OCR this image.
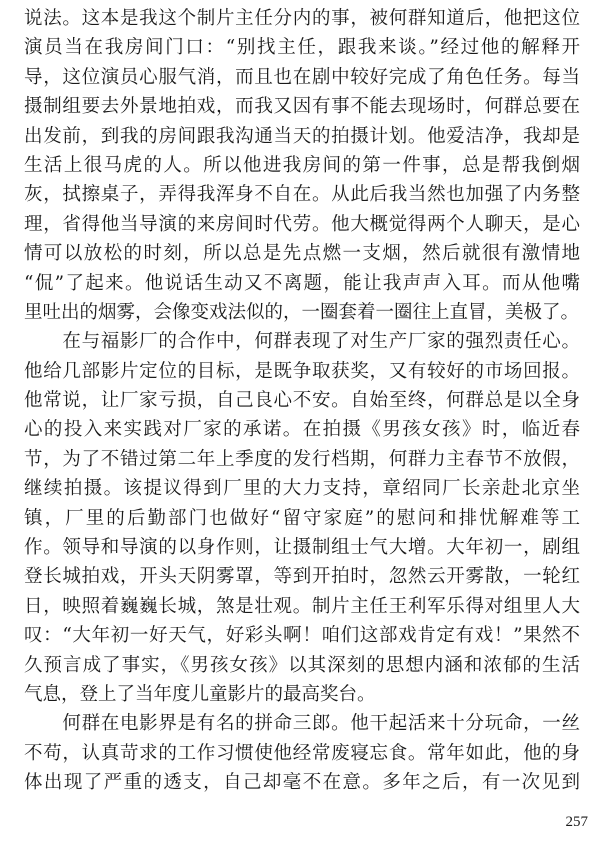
说法。这本是我这个制片主任分内的事，被何群知道后，他把这位
演员当在我房间门口：“别找主任，跟我来谈。”经过他的解释开
导，这位演员心服气消，而且也在剧中较好完成了角色任务。每当
摄制组要去外景地拍戏，而我又因有事不能去现场时，何群总要在
出发前，到我的房间跟我沟通当天的拍摄计划。他爱洁净，我却是
生活上很马虎的人。所以他进我房间的第一件事，总是帮我倒烟
灰，拭擦桌子，弄得我浑身不自在。从此后我当然也加强了内务整
理，省得他当导演的来房间时代劳。他大概觉得两个人聊天，是心
情可以放松的时刻，所以总是先点燃一支烟，然后就很有激情地
“侃”了起来。他说话生动又不离题，能让我声声入耳。而从他嘴
里吐出的烟雾，会像变戏法似的，一圈套着一圈往上直冒，美极了。
　　在与福影厂的合作中，何群表现了对生产厂家的强烈责任心。
他给几部影片定位的目标，是既争取获奖，又有较好的市场回报。
他常说，让厂家亏损，自己良心不安。自始至终，何群总是以全身
心的投入来实践对厂家的承诺。在拍摄《男孩女孩》时，临近春
节，为了不错过第二年上季度的发行档期，何群力主春节不放假，
继续拍摄。该提议得到厂里的大力支持，章绍同厂长亲赴北京坐
镇，厂里的后勤部门也做好“留守家庭”的慰问和排忧解难等工
作。领导和导演的以身作则，让摄制组士气大增。大年初一，剧组
登长城拍戏，开头天阴雾罩，等到开拍时，忽然云开雾散，一轮红
日，映照着巍巍长城，煞是壮观。制片主任王利军乐得对组里人大
叹：“大年初一好天气，好彩头啊！咱们这部戏肯定有戏！”果然不
久预言成了事实，《男孩女孩》以其深刻的思想内涵和浓郁的生活
气息，登上了当年度儿童影片的最高奖台。
　　何群在电影界是有名的拼命三郎。他干起活来十分玩命，一丝
不苟，认真苛求的工作习惯使他经常废寝忘食。常年如此，他的身
体出现了严重的透支，自己却毫不在意。多年之后，有一次见到
257
